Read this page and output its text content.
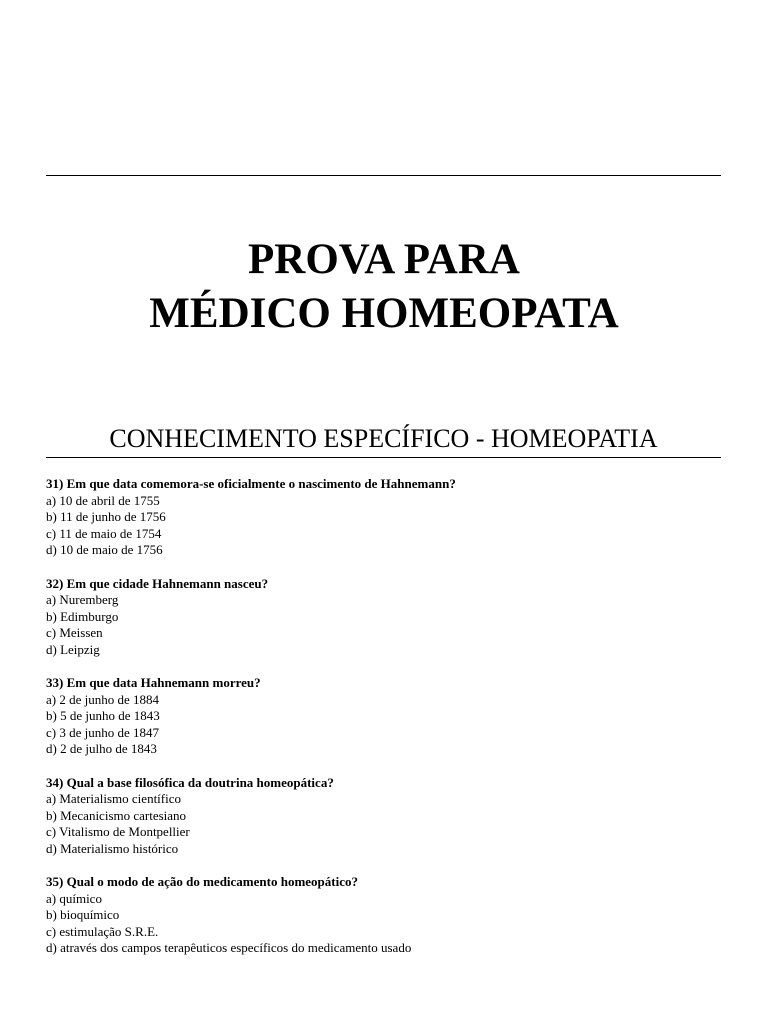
PROVA PARA
MÉDICO HOMEOPATA
CONHECIMENTO ESPECÍFICO - HOMEOPATIA

31) Em que data comemora-se oficialmente o nascimento de Hahnemann?

a) 10 de abril de 1755
b) 11 de junho de 1756
c) 11 de maio de 1754
d) 10 de maio de 1756

32) Em que cidade Hahnemann nasceu?

a) Nuremberg
b) Edimburgo
c) Meissen
d) Leipzig

33) Em que data Hahnemann morreu?

a) 2 de junho de 1884
b) 5 de junho de 1843
c) 3 de junho de 1847
d) 2 de julho de 1843

34) Qual a base filosófica da doutrina homeopática?

a) Materialismo científico
b) Mecanicismo cartesiano
c) Vitalismo de Montpellier
d) Materialismo histórico

35) Qual o modo de ação do medicamento homeopático?

a) químico
b) bioquímico
c) estimulação S.R.E.
d) através dos campos terapêuticos específicos do medicamento usado
